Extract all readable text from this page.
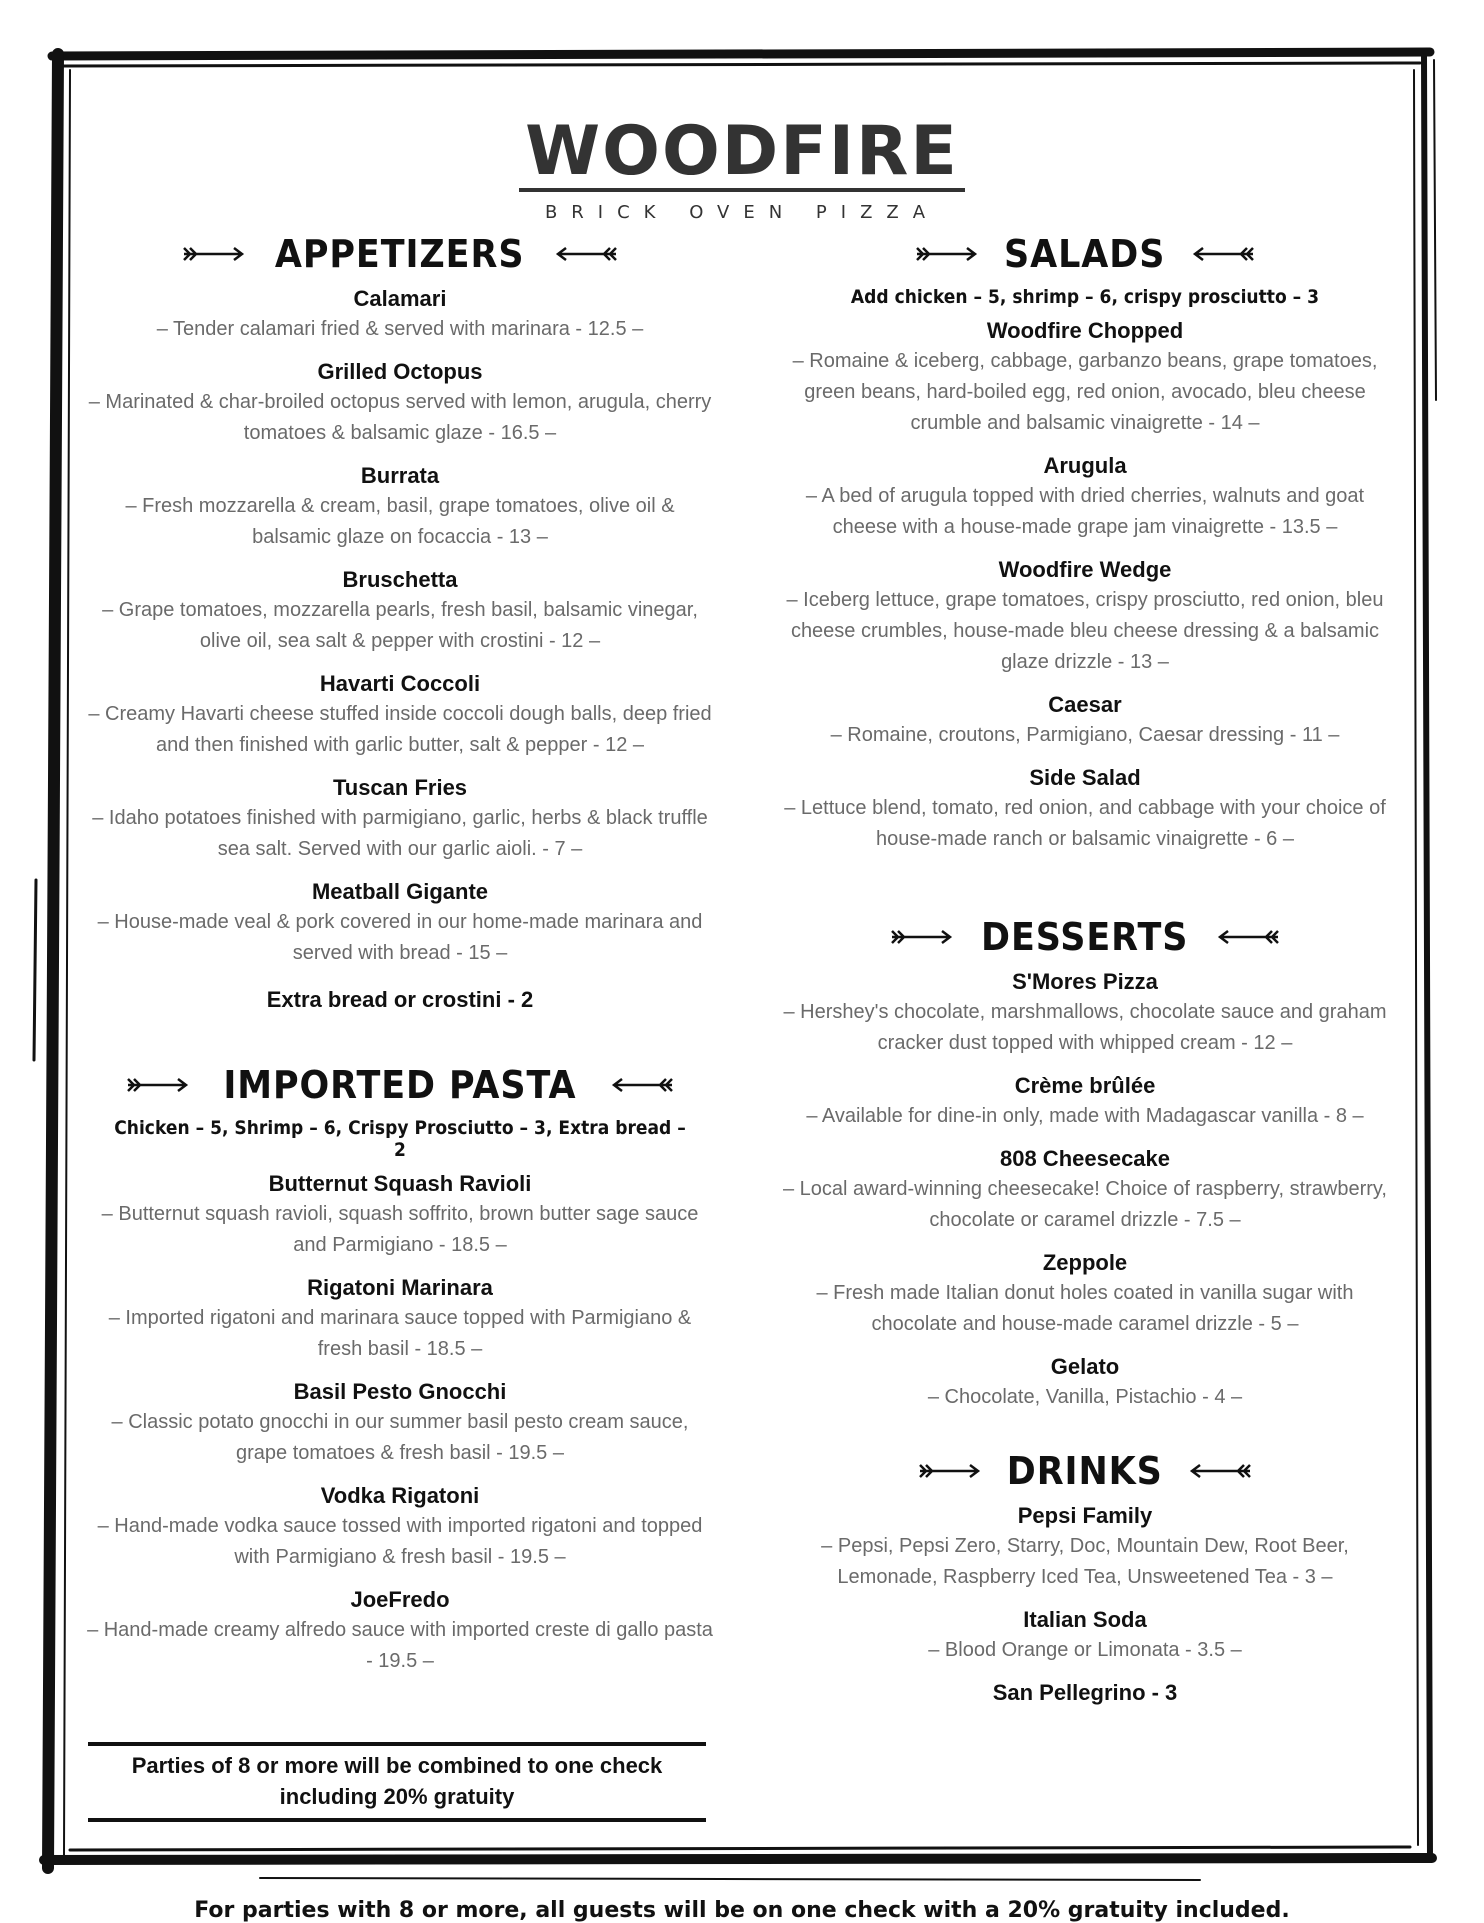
WOODFIRE
BRICK OVEN PIZZA
APPETIZERS
Calamari
– Tender calamari fried & served with marinara - 12.5 –
Grilled Octopus
– Marinated & char-broiled octopus served with lemon, arugula, cherry tomatoes & balsamic glaze - 16.5 –
Burrata
– Fresh mozzarella & cream, basil, grape tomatoes, olive oil & balsamic glaze on focaccia - 13 –
Bruschetta
– Grape tomatoes, mozzarella pearls, fresh basil, balsamic vinegar, olive oil, sea salt & pepper with crostini - 12 –
Havarti Coccoli
– Creamy Havarti cheese stuffed inside coccoli dough balls, deep fried and then finished with garlic butter, salt & pepper - 12 –
Tuscan Fries
– Idaho potatoes finished with parmigiano, garlic, herbs & black truffle sea salt. Served with our garlic aioli. - 7 –
Meatball Gigante
– House-made veal & pork covered in our home-made marinara and served with bread - 15 –
Extra bread or crostini - 2
IMPORTED PASTA
Chicken – 5, Shrimp – 6, Crispy Prosciutto – 3, Extra bread – 2
Butternut Squash Ravioli
– Butternut squash ravioli, squash soffrito, brown butter sage sauce and Parmigiano - 18.5 –
Rigatoni Marinara
– Imported rigatoni and marinara sauce topped with Parmigiano & fresh basil - 18.5 –
Basil Pesto Gnocchi
– Classic potato gnocchi in our summer basil pesto cream sauce, grape tomatoes & fresh basil - 19.5 –
Vodka Rigatoni
– Hand-made vodka sauce tossed with imported rigatoni and topped with Parmigiano & fresh basil - 19.5 –
JoeFredo
– Hand-made creamy alfredo sauce with imported creste di gallo pasta - 19.5 –
Parties of 8 or more will be combined to one check including 20% gratuity
SALADS
Add chicken – 5, shrimp – 6, crispy prosciutto – 3
Woodfire Chopped
– Romaine & iceberg, cabbage, garbanzo beans, grape tomatoes, green beans, hard-boiled egg, red onion, avocado, bleu cheese crumble and balsamic vinaigrette - 14 –
Arugula
– A bed of arugula topped with dried cherries, walnuts and goat cheese with a house-made grape jam vinaigrette - 13.5 –
Woodfire Wedge
– Iceberg lettuce, grape tomatoes, crispy prosciutto, red onion, bleu cheese crumbles, house-made bleu cheese dressing & a balsamic glaze drizzle - 13 –
Caesar
– Romaine, croutons, Parmigiano, Caesar dressing - 11 –
Side Salad
– Lettuce blend, tomato, red onion, and cabbage with your choice of house-made ranch or balsamic vinaigrette - 6 –
DESSERTS
S'Mores Pizza
– Hershey's chocolate, marshmallows, chocolate sauce and graham cracker dust topped with whipped cream - 12 –
Crème brûlée
– Available for dine-in only, made with Madagascar vanilla - 8 –
808 Cheesecake
– Local award-winning cheesecake! Choice of raspberry, strawberry, chocolate or caramel drizzle - 7.5 –
Zeppole
– Fresh made Italian donut holes coated in vanilla sugar with chocolate and house-made caramel drizzle - 5 –
Gelato
– Chocolate, Vanilla, Pistachio - 4 –
DRINKS
Pepsi Family
– Pepsi, Pepsi Zero, Starry, Doc, Mountain Dew, Root Beer, Lemonade, Raspberry Iced Tea, Unsweetened Tea - 3 –
Italian Soda
– Blood Orange or Limonata - 3.5 –
San Pellegrino - 3
For parties with 8 or more, all guests will be on one check with a 20% gratuity included.
